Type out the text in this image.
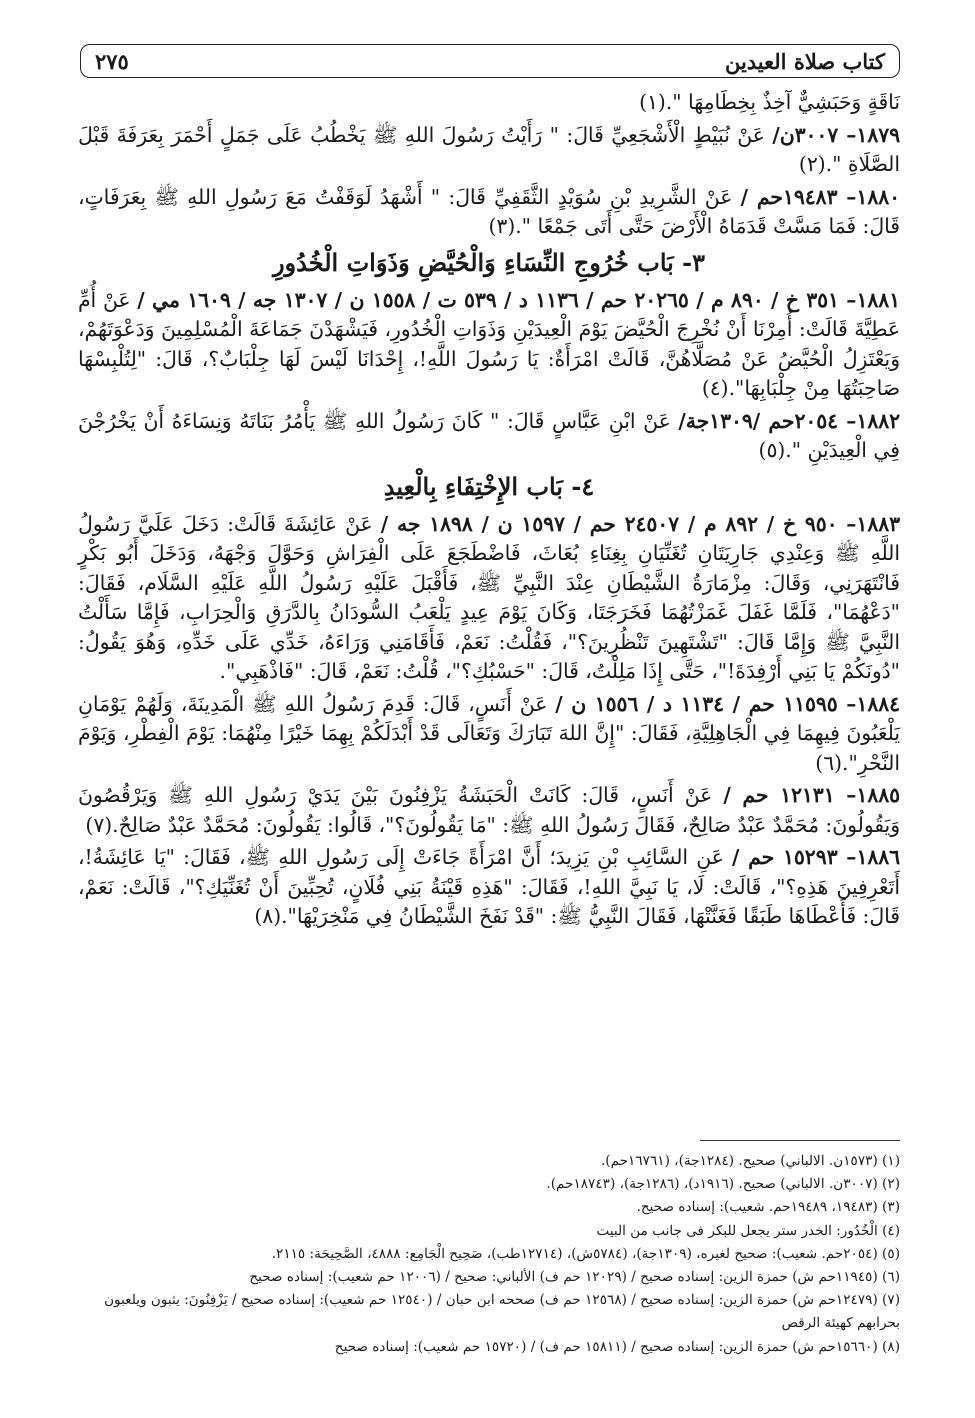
كتاب صلاة العيدين
٢٧٥

نَاقَةٍ وَحَبَشِيٌّ آخِذٌ بِخِطَامِهَا ".(١)

١٨٧٩– ٣٠٠٧ن/ عَنْ نُبَيْطٍ الْأَشْجَعِيِّ قَالَ: " رَأَيْتُ رَسُولَ اللهِ ﷺ يَخْطُبُ عَلَى جَمَلٍ أَحْمَرَ بِعَرَفَةَ قَبْلَ الصَّلَاةِ ".(٢)

١٨٨٠– ١٩٤٨٣حم / عَنْ الشَّرِيدِ بْنِ سُوَيْدٍ الثَّقَفِيِّ قَالَ: " أَشْهَدُ لَوَقَفْتُ مَعَ رَسُولِ اللهِ ﷺ بِعَرَفَاتٍ، قَالَ: فَمَا مَسَّتْ قَدَمَاهُ الْأَرْضَ حَتَّى أَتَى جَمْعًا ".(٣)

٣- بَاب خُرُوجِ النِّسَاءِ وَالْحُيَّضِ وَذَوَاتِ الْخُدُورِ

١٨٨١– ٣٥١ خ / ٨٩٠ م / ٢٠٢٦٥ حم / ١١٣٦ د / ٥٣٩ ت / ١٥٥٨ ن / ١٣٠٧ جه / ١٦٠٩ مي / عَنْ أُمِّ عَطِيَّةَ قَالَتْ: أُمِرْنَا أَنْ نُخْرِجَ الْحُيَّضَ يَوْمَ الْعِيدَيْنِ وَذَوَاتِ الْخُدُورِ، فَيَشْهَدْنَ جَمَاعَةَ الْمُسْلِمِينَ وَدَعْوَتَهُمْ، وَيَعْتَزِلُ الْحُيَّضُ عَنْ مُصَلَّاهُنَّ، قَالَتْ امْرَأَةٌ: يَا رَسُولَ اللَّهِ!، إِحْدَانَا لَيْسَ لَهَا جِلْبَابٌ؟، قَالَ: "لِتُلْبِسْهَا صَاحِبَتُهَا مِنْ جِلْبَابِهَا".(٤)

١٨٨٢– ٢٠٥٤حم /١٣٠٩جة/ عَنْ ابْنِ عَبَّاسٍ قَالَ: " كَانَ رَسُولُ اللهِ ﷺ يَأْمُرُ بَنَاتَهُ وَنِسَاءَهُ أَنْ يَخْرُجْنَ فِي الْعِيدَيْنِ ".(٥)

٤- بَاب الإِخْتِفَاءِ بِالْعِيدِ

١٨٨٣– ٩٥٠ خ / ٨٩٢ م / ٢٤٥٠٧ حم / ١٥٩٧ ن / ١٨٩٨ جه / عَنْ عَائِشَةَ قَالَتْ: دَخَلَ عَلَيَّ رَسُولُ اللَّهِ ﷺ وَعِنْدِي جَارِيَتَانِ تُغَنِّيَانِ بِغِنَاءِ بُعَاثَ، فَاضْطَجَعَ عَلَى الْفِرَاشِ وَحَوَّلَ وَجْهَهُ، وَدَخَلَ أَبُو بَكْرٍ فَانْتَهَرَنِي، وَقَالَ: مِزْمَارَةُ الشَّيْطَانِ عِنْدَ النَّبِيِّ ﷺ، فَأَقْبَلَ عَلَيْهِ رَسُولُ اللَّهِ عَلَيْهِ السَّلَام، فَقَالَ: "دَعْهُمَا"، فَلَمَّا غَفَلَ غَمَزْتُهُمَا فَخَرَجَتَا، وَكَانَ يَوْمَ عِيدٍ يَلْعَبُ السُّودَانُ بِالدَّرَقِ وَالْحِرَابِ، فَإِمَّا سَأَلْتُ النَّبِيَّ ﷺ وَإِمَّا قَالَ: "تَشْتَهِينَ تَنْظُرِينَ؟"، فَقُلْتُ: نَعَمْ، فَأَقَامَنِي وَرَاءَهُ، خَدِّي عَلَى خَدِّهِ، وَهُوَ يَقُولُ: "دُونَكُمْ يَا بَنِي أَرْفِدَةَ!"، حَتَّى إِذَا مَلِلْتُ، قَالَ: "حَسْبُكِ؟"، قُلْتُ: نَعَمْ، قَالَ: "فَاذْهَبِي".

١٨٨٤– ١١٥٩٥ حم / ١١٣٤ د / ١٥٥٦ ن / عَنْ أَنَسٍ، قَالَ: قَدِمَ رَسُولُ اللهِ ﷺ الْمَدِينَةَ، وَلَهُمْ يَوْمَانِ يَلْعَبُونَ فِيهِمَا فِي الْجَاهِلِيَّةِ، فَقَالَ: "إِنَّ اللهَ تَبَارَكَ وَتَعَالَى قَدْ أَبْدَلَكُمْ بِهِمَا خَيْرًا مِنْهُمَا: يَوْمَ الْفِطْرِ، وَيَوْمَ النَّحْرِ".(٦)

١٨٨٥– ١٢١٣١ حم / عَنْ أَنَسٍ، قَالَ: كَانَتْ الْحَبَشَةُ يَزْفِنُونَ بَيْنَ يَدَيْ رَسُولِ اللهِ ﷺ وَيَرْقُصُونَ وَيَقُولُونَ: مُحَمَّدٌ عَبْدٌ صَالِحٌ، فَقَالَ رَسُولُ اللهِ ﷺ: "مَا يَقُولُونَ؟"، قَالُوا: يَقُولُونَ: مُحَمَّدٌ عَبْدٌ صَالِحٌ.(٧)

١٨٨٦– ١٥٢٩٣ حم / عَنِ السَّائِبِ بْنِ يَزِيدَ؛ أَنَّ امْرَأَةً جَاءَتْ إِلَى رَسُولِ اللهِ ﷺ، فَقَالَ: "يَا عَائِشَةُ!، أَتَعْرِفِينَ هَذِهِ؟"، قَالَتْ: لَا، يَا نَبِيَّ اللهِ!، فَقَالَ: "هَذِهِ قَيْنَةُ بَنِي فُلَانٍ، تُحِبِّينَ أَنْ تُغَنِّيَكِ؟"، قَالَتْ: نَعَمْ، قَالَ: فَأَعْطَاهَا طَبَقًا فَغَنَّتْهَا، فَقَالَ النَّبِيُّ ﷺ: "قَدْ نَفَخَ الشَّيْطَانُ فِي مَنْخِرَيْهَا".(٨)

(١) (١٥٧٣ن. الالباني) صحيح. (١٢٨٤جة)، (١٦٧٦١حم).

(٢) (٣٠٠٧ن. الالباني) صحيح. (١٩١٦د)، (١٢٨٦جة)، (١٨٧٤٣حم).

(٣) (١٩٤٨٣، ١٩٤٨٩حم. شعيب): إسناده صحيح.

(٤) الْخُدُور: الخدر ستر يجعل للبكر فى جانب من البيت

(٥) (٢٠٥٤حم. شعيب): صحيح لغيره، (١٣٠٩جة)، (٥٧٨٤ش)، (١٢٧١٤طب)، صَحِيح الْجَامِع: ٤٨٨٨، الصَّحِيحَة: ٢١١٥.

(٦) (١١٩٤٥حم ش) حمزة الزين: إسناده صحيح / (١٢٠٢٩ حم ف) الألباني: صحيح / (١٢٠٠٦ حم شعيب): إسناده صحيح

(٧) (١٢٤٧٩حم ش) حمزة الزين: إسناده صحيح / (١٢٥٦٨ حم ف) صححه ابن حبان / (١٢٥٤٠ حم شعيب): إسناده صحيح / يَزْفِنُونَ: يثبون ويلعبون بحرابهم كهيئة الرقص

(٨) (١٥٦٦٠حم ش) حمزة الزين: إسناده صحيح / (١٥٨١١ حم ف) / (١٥٧٢٠ حم شعيب): إسناده صحيح
